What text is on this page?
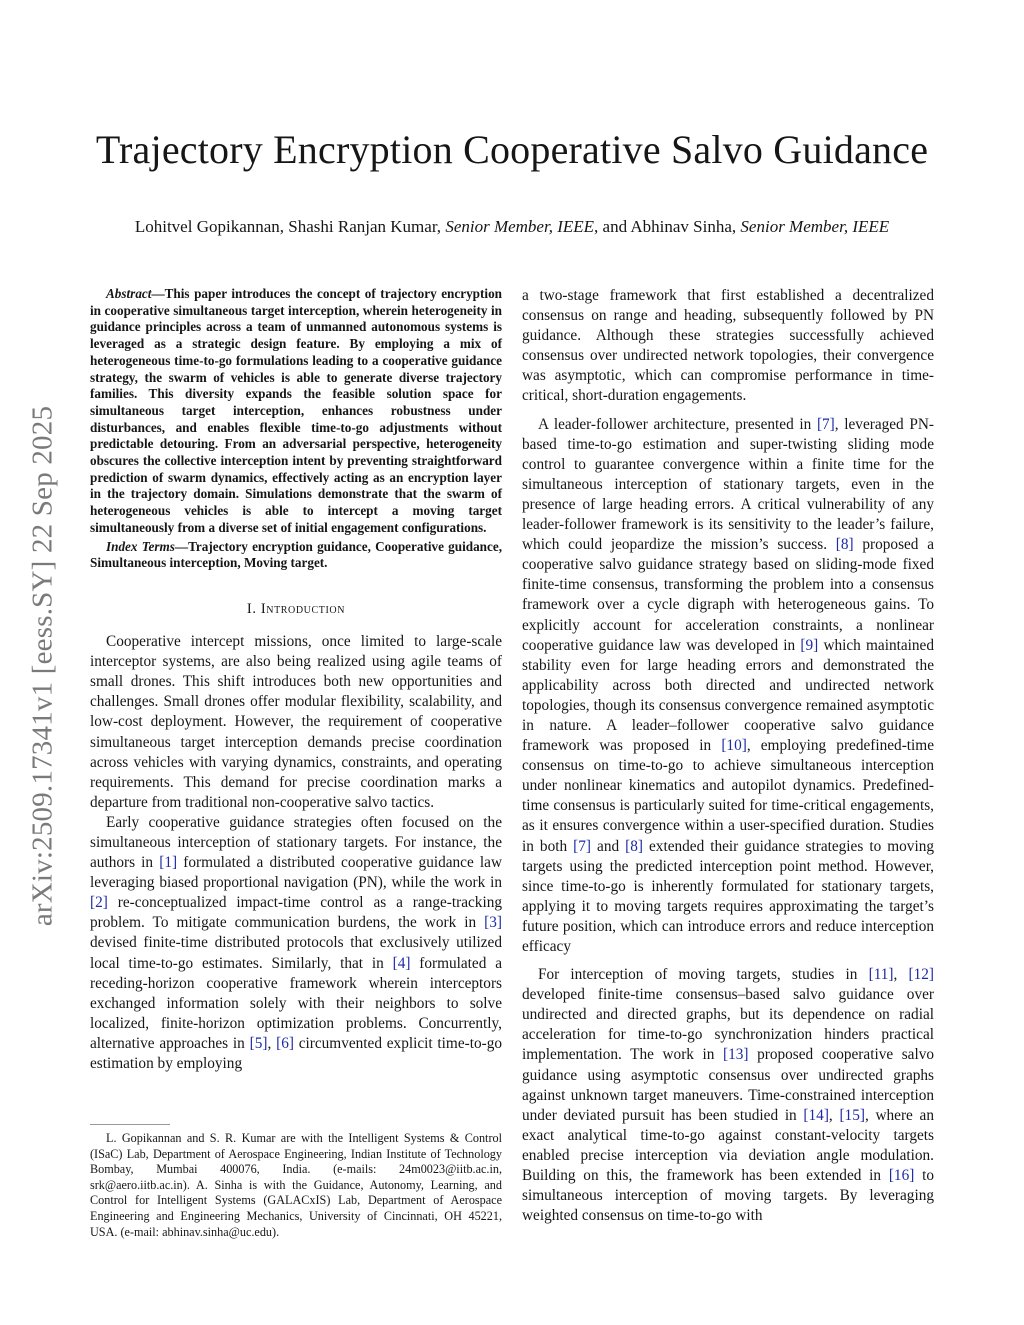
arXiv:2509.17341v1 [eess.SY] 22 Sep 2025
Trajectory Encryption Cooperative Salvo Guidance

Lohitvel Gopikannan, Shashi Ranjan Kumar, Senior Member, IEEE, and Abhinav Sinha, Senior Member, IEEE

Abstract—This paper introduces the concept of trajectory encryption in cooperative simultaneous target interception, wherein heterogeneity in guidance principles across a team of unmanned autonomous systems is leveraged as a strategic design feature. By employing a mix of heterogeneous time-to-go formulations leading to a cooperative guidance strategy, the swarm of vehicles is able to generate diverse trajectory families. This diversity expands the feasible solution space for simultaneous target interception, enhances robustness under disturbances, and enables flexible time-to-go adjustments without predictable detouring. From an adversarial perspective, heterogeneity obscures the collective interception intent by preventing straightforward prediction of swarm dynamics, effectively acting as an encryption layer in the trajectory domain. Simulations demonstrate that the swarm of heterogeneous vehicles is able to intercept a moving target simultaneously from a diverse set of initial engagement configurations.

Index Terms—Trajectory encryption guidance, Cooperative guidance, Simultaneous interception, Moving target.

I. Introduction

Cooperative intercept missions, once limited to large-scale interceptor systems, are also being realized using agile teams of small drones. This shift introduces both new opportunities and challenges. Small drones offer modular flexibility, scalability, and low-cost deployment. However, the requirement of cooperative simultaneous target interception demands precise coordination across vehicles with varying dynamics, constraints, and operating requirements. This demand for precise coordination marks a departure from traditional non-cooperative salvo tactics.

Early cooperative guidance strategies often focused on the simultaneous interception of stationary targets. For instance, the authors in [1] formulated a distributed cooperative guidance law leveraging biased proportional navigation (PN), while the work in [2] re-conceptualized impact-time control as a range-tracking problem. To mitigate communication burdens, the work in [3] devised finite-time distributed protocols that exclusively utilized local time-to-go estimates. Similarly, that in [4] formulated a receding-horizon cooperative framework wherein interceptors exchanged information solely with their neighbors to solve localized, finite-horizon optimization problems. Concurrently, alternative approaches in [5], [6] circumvented explicit time-to-go estimation by employing

L. Gopikannan and S. R. Kumar are with the Intelligent Systems & Control (ISaC) Lab, Department of Aerospace Engineering, Indian Institute of Technology Bombay, Mumbai 400076, India. (e-mails: 24m0023@iitb.ac.in, srk@aero.iitb.ac.in). A. Sinha is with the Guidance, Autonomy, Learning, and Control for Intelligent Systems (GALACxIS) Lab, Department of Aerospace Engineering and Engineering Mechanics, University of Cincinnati, OH 45221, USA. (e-mail: abhinav.sinha@uc.edu).

a two-stage framework that first established a decentralized consensus on range and heading, subsequently followed by PN guidance. Although these strategies successfully achieved consensus over undirected network topologies, their convergence was asymptotic, which can compromise performance in time-critical, short-duration engagements.

A leader-follower architecture, presented in [7], leveraged PN-based time-to-go estimation and super-twisting sliding mode control to guarantee convergence within a finite time for the simultaneous interception of stationary targets, even in the presence of large heading errors. A critical vulnerability of any leader-follower framework is its sensitivity to the leader’s failure, which could jeopardize the mission’s success. [8] proposed a cooperative salvo guidance strategy based on sliding-mode fixed finite-time consensus, transforming the problem into a consensus framework over a cycle digraph with heterogeneous gains. To explicitly account for acceleration constraints, a nonlinear cooperative guidance law was developed in [9] which maintained stability even for large heading errors and demonstrated the applicability across both directed and undirected network topologies, though its consensus convergence remained asymptotic in nature. A leader–follower cooperative salvo guidance framework was proposed in [10], employing predefined-time consensus on time-to-go to achieve simultaneous interception under nonlinear kinematics and autopilot dynamics. Predefined-time consensus is particularly suited for time-critical engagements, as it ensures convergence within a user-specified duration. Studies in both [7] and [8] extended their guidance strategies to moving targets using the predicted interception point method. However, since time-to-go is inherently formulated for stationary targets, applying it to moving targets requires approximating the target’s future position, which can introduce errors and reduce interception efficacy

For interception of moving targets, studies in [11], [12] developed finite-time consensus–based salvo guidance over undirected and directed graphs, but its dependence on radial acceleration for time-to-go synchronization hinders practical implementation. The work in [13] proposed cooperative salvo guidance using asymptotic consensus over undirected graphs against unknown target maneuvers. Time-constrained interception under deviated pursuit has been studied in [14], [15], where an exact analytical time-to-go against constant-velocity targets enabled precise interception via deviation angle modulation. Building on this, the framework has been extended in [16] to simultaneous interception of moving targets. By leveraging weighted consensus on time-to-go with
